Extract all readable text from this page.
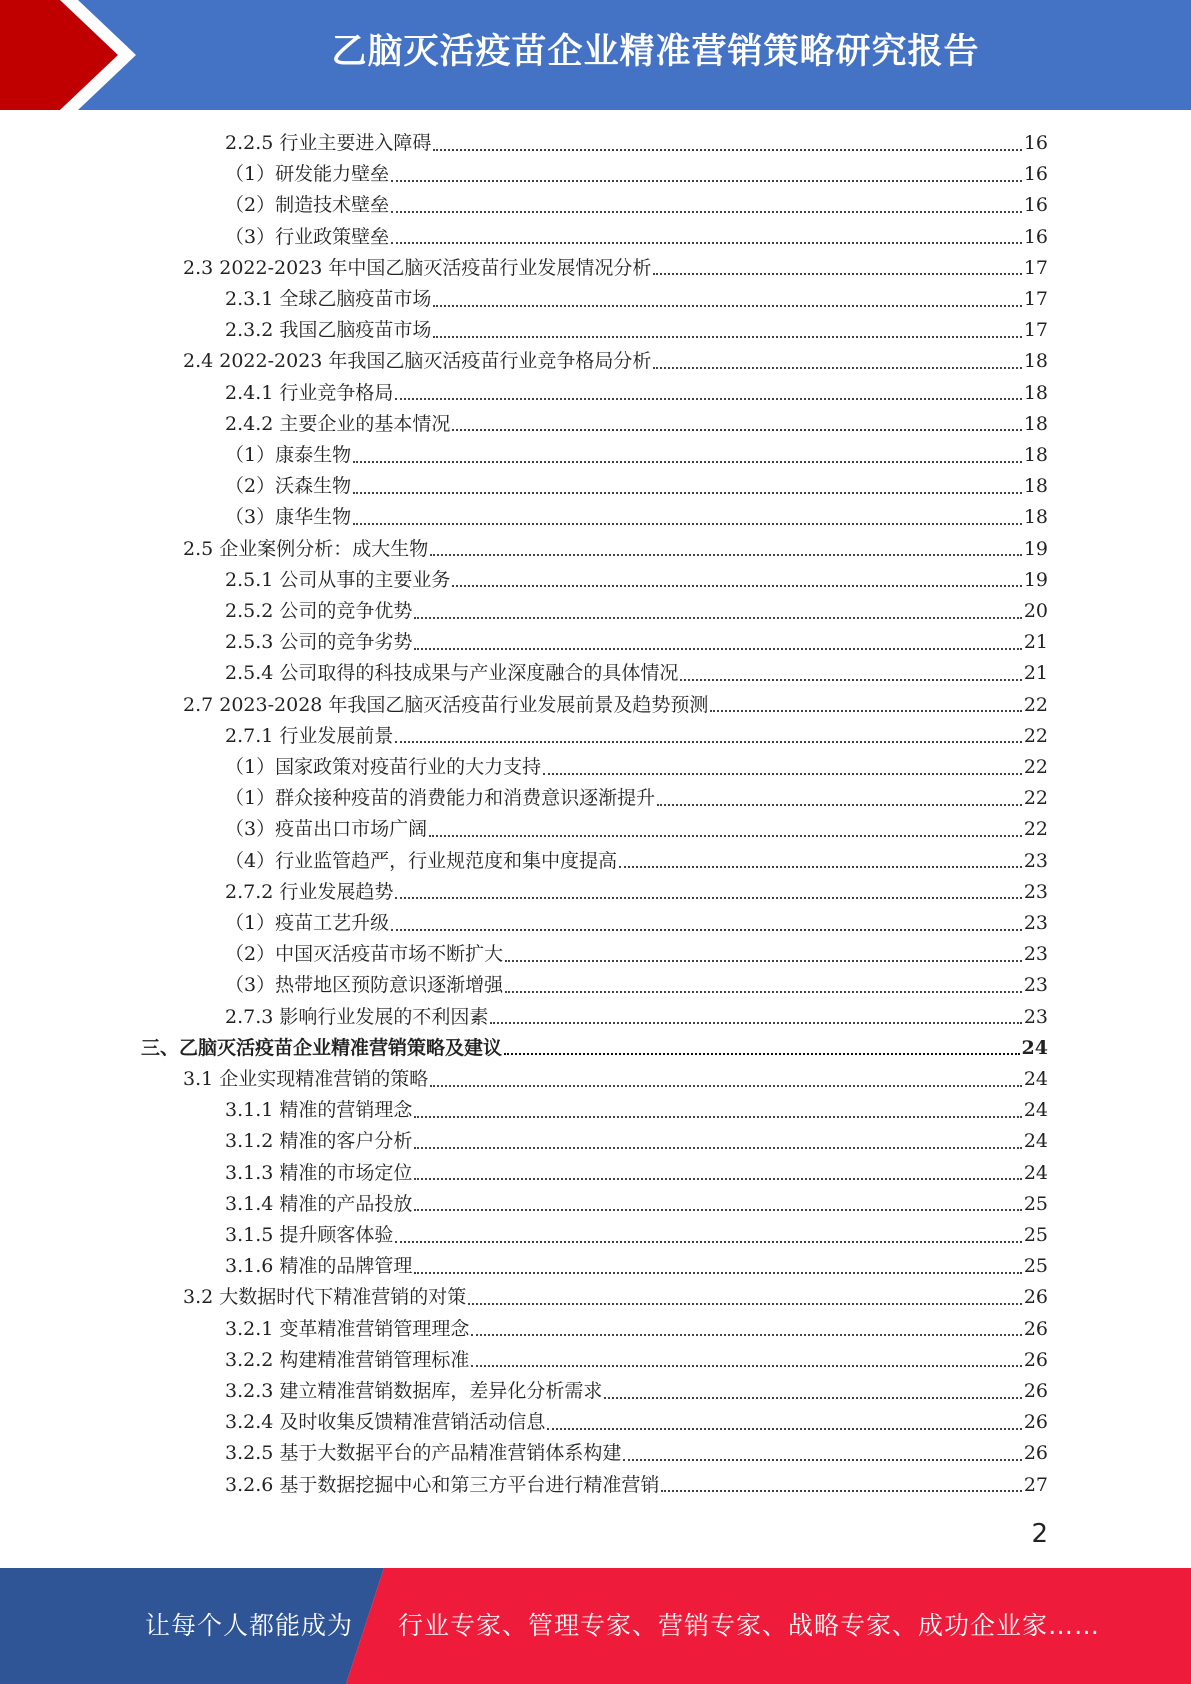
乙脑灭活疫苗企业精准营销策略研究报告
2.2.5 行业主要进入障碍	16
（1）研发能力壁垒	16
（2）制造技术壁垒	16
（3）行业政策壁垒	16
2.3 2022-2023 年中国乙脑灭活疫苗行业发展情况分析	17
2.3.1 全球乙脑疫苗市场	17
2.3.2 我国乙脑疫苗市场	17
2.4 2022-2023 年我国乙脑灭活疫苗行业竞争格局分析	18
2.4.1 行业竞争格局	18
2.4.2 主要企业的基本情况	18
（1）康泰生物	18
（2）沃森生物	18
（3）康华生物	18
2.5 企业案例分析：成大生物	19
2.5.1 公司从事的主要业务	19
2.5.2 公司的竞争优势	20
2.5.3 公司的竞争劣势	21
2.5.4 公司取得的科技成果与产业深度融合的具体情况	21
2.7 2023-2028 年我国乙脑灭活疫苗行业发展前景及趋势预测	22
2.7.1 行业发展前景	22
（1）国家政策对疫苗行业的大力支持	22
（1）群众接种疫苗的消费能力和消费意识逐渐提升	22
（3）疫苗出口市场广阔	22
（4）行业监管趋严，行业规范度和集中度提高	23
2.7.2 行业发展趋势	23
（1）疫苗工艺升级	23
（2）中国灭活疫苗市场不断扩大	23
（3）热带地区预防意识逐渐增强	23
2.7.3 影响行业发展的不利因素	23
三、乙脑灭活疫苗企业精准营销策略及建议	24
3.1 企业实现精准营销的策略	24
3.1.1 精准的营销理念	24
3.1.2 精准的客户分析	24
3.1.3 精准的市场定位	24
3.1.4 精准的产品投放	25
3.1.5 提升顾客体验	25
3.1.6 精准的品牌管理	25
3.2 大数据时代下精准营销的对策	26
3.2.1 变革精准营销管理理念	26
3.2.2 构建精准营销管理标准	26
3.2.3 建立精准营销数据库，差异化分析需求	26
3.2.4 及时收集反馈精准营销活动信息	26
3.2.5 基于大数据平台的产品精准营销体系构建	26
3.2.6 基于数据挖掘中心和第三方平台进行精准营销	27
2
让每个人都能成为 行业专家、管理专家、营销专家、战略专家、成功企业家……
